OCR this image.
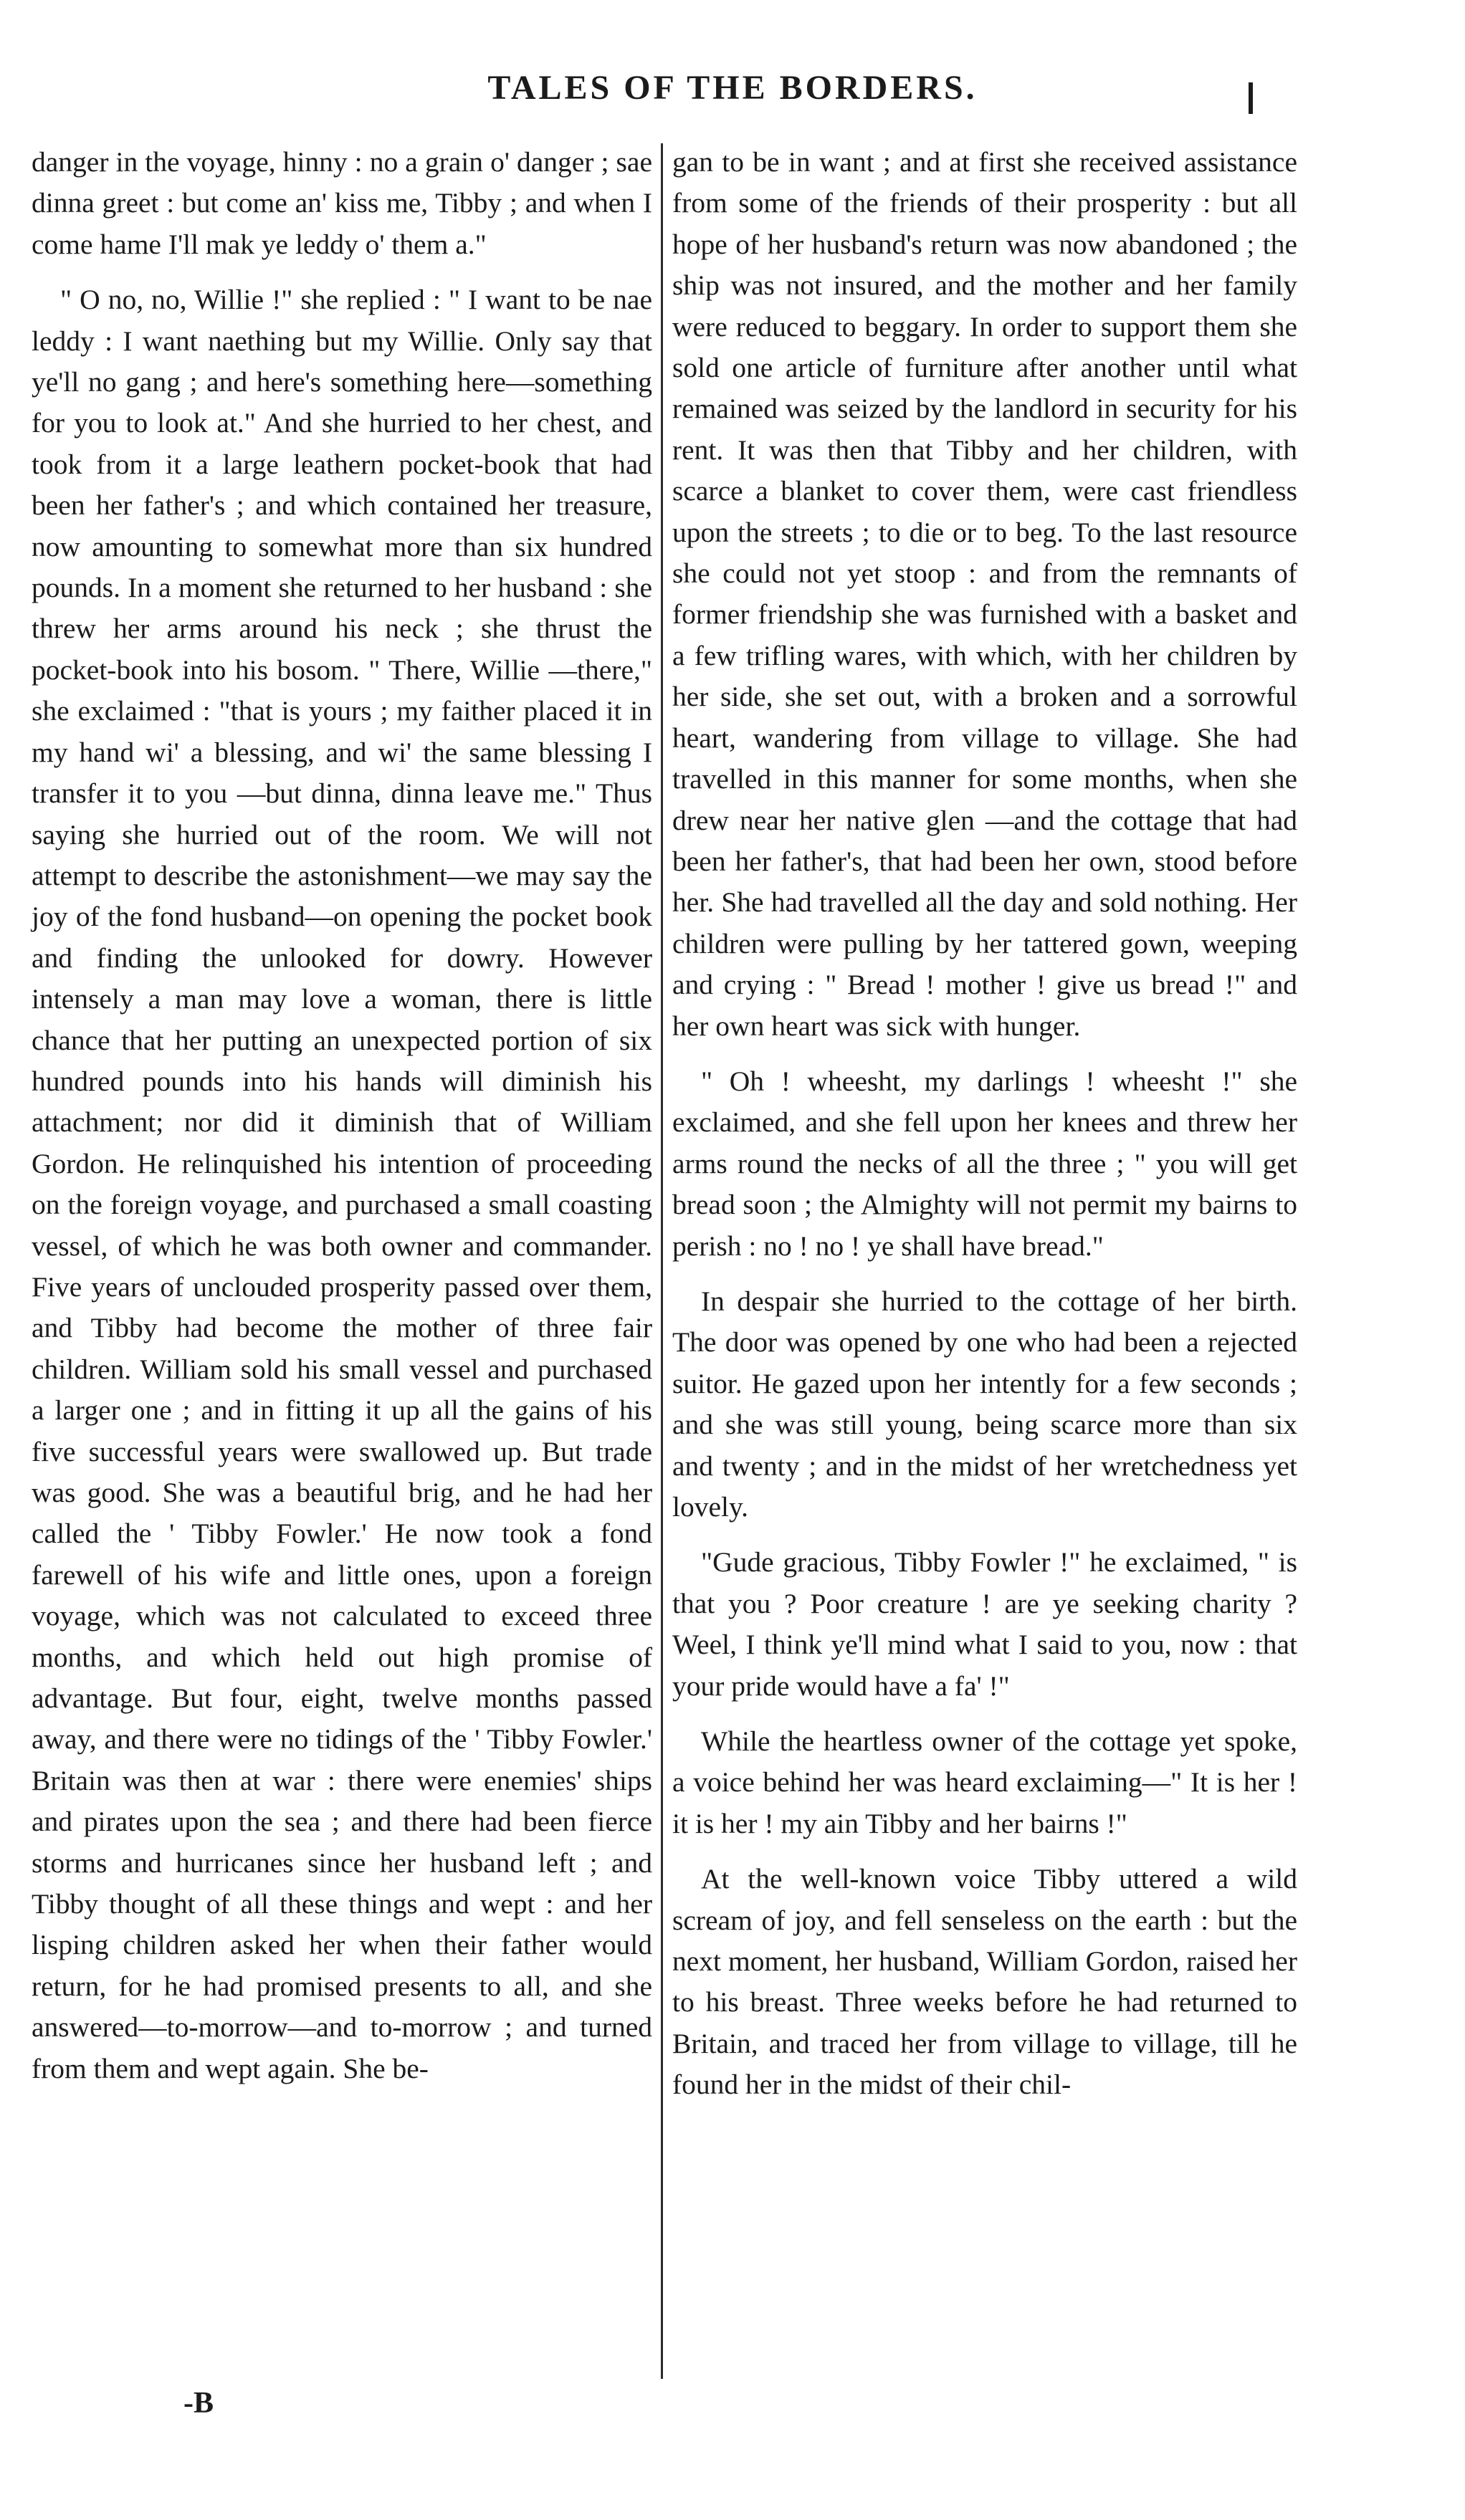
TALES OF THE BORDERS.

danger in the voyage, hinny : no a grain o' danger ; sae dinna greet : but come an' kiss me, Tibby ; and when I come hame I'll mak ye leddy o' them a."

" O no, no, Willie !" she replied : " I want to be nae leddy : I want naething but my Willie. Only say that ye'll no gang ; and here's something here—something for you to look at." And she hurried to her chest, and took from it a large leathern pocket-book that had been her father's ; and which contained her treasure, now amounting to somewhat more than six hundred pounds. In a moment she returned to her husband : she threw her arms around his neck ; she thrust the pocket-book into his bosom. " There, Willie —there," she exclaimed : "that is yours ; my faither placed it in my hand wi' a blessing, and wi' the same blessing I transfer it to you —but dinna, dinna leave me." Thus saying she hurried out of the room. We will not attempt to describe the astonishment—we may say the joy of the fond husband—on opening the pocket book and finding the unlooked for dowry. However intensely a man may love a woman, there is little chance that her putting an unexpected portion of six hundred pounds into his hands will diminish his attachment; nor did it diminish that of William Gordon. He relinquished his intention of proceeding on the foreign voyage, and purchased a small coasting vessel, of which he was both owner and commander. Five years of unclouded prosperity passed over them, and Tibby had become the mother of three fair children. William sold his small vessel and purchased a larger one ; and in fitting it up all the gains of his five successful years were swallowed up. But trade was good. She was a beautiful brig, and he had her called the ' Tibby Fowler.' He now took a fond farewell of his wife and little ones, upon a foreign voyage, which was not calculated to exceed three months, and which held out high promise of advantage. But four, eight, twelve months passed away, and there were no tidings of the ' Tibby Fowler.' Britain was then at war : there were enemies' ships and pirates upon the sea ; and there had been fierce storms and hurricanes since her husband left ; and Tibby thought of all these things and wept : and her lisping children asked her when their father would return, for he had promised presents to all, and she answered—to-morrow—and to-morrow ; and turned from them and wept again. She be-

gan to be in want ; and at first she received assistance from some of the friends of their prosperity : but all hope of her husband's return was now abandoned ; the ship was not insured, and the mother and her family were reduced to beggary. In order to support them she sold one article of furniture after another until what remained was seized by the landlord in security for his rent. It was then that Tibby and her children, with scarce a blanket to cover them, were cast friendless upon the streets ; to die or to beg. To the last resource she could not yet stoop : and from the remnants of former friendship she was furnished with a basket and a few trifling wares, with which, with her children by her side, she set out, with a broken and a sorrowful heart, wandering from village to village. She had travelled in this manner for some months, when she drew near her native glen —and the cottage that had been her father's, that had been her own, stood before her. She had travelled all the day and sold nothing. Her children were pulling by her tattered gown, weeping and crying : " Bread ! mother ! give us bread !" and her own heart was sick with hunger.

" Oh ! wheesht, my darlings ! wheesht !" she exclaimed, and she fell upon her knees and threw her arms round the necks of all the three ; " you will get bread soon ; the Almighty will not permit my bairns to perish : no ! no ! ye shall have bread."

In despair she hurried to the cottage of her birth. The door was opened by one who had been a rejected suitor. He gazed upon her intently for a few seconds ; and she was still young, being scarce more than six and twenty ; and in the midst of her wretchedness yet lovely.

"Gude gracious, Tibby Fowler !" he exclaimed, " is that you ? Poor creature ! are ye seeking charity ? Weel, I think ye'll mind what I said to you, now : that your pride would have a fa' !"

While the heartless owner of the cottage yet spoke, a voice behind her was heard exclaiming—" It is her ! it is her ! my ain Tibby and her bairns !"

At the well-known voice Tibby uttered a wild scream of joy, and fell senseless on the earth : but the next moment, her husband, William Gordon, raised her to his breast. Three weeks before he had returned to Britain, and traced her from village to village, till he found her in the midst of their chil-

-B
